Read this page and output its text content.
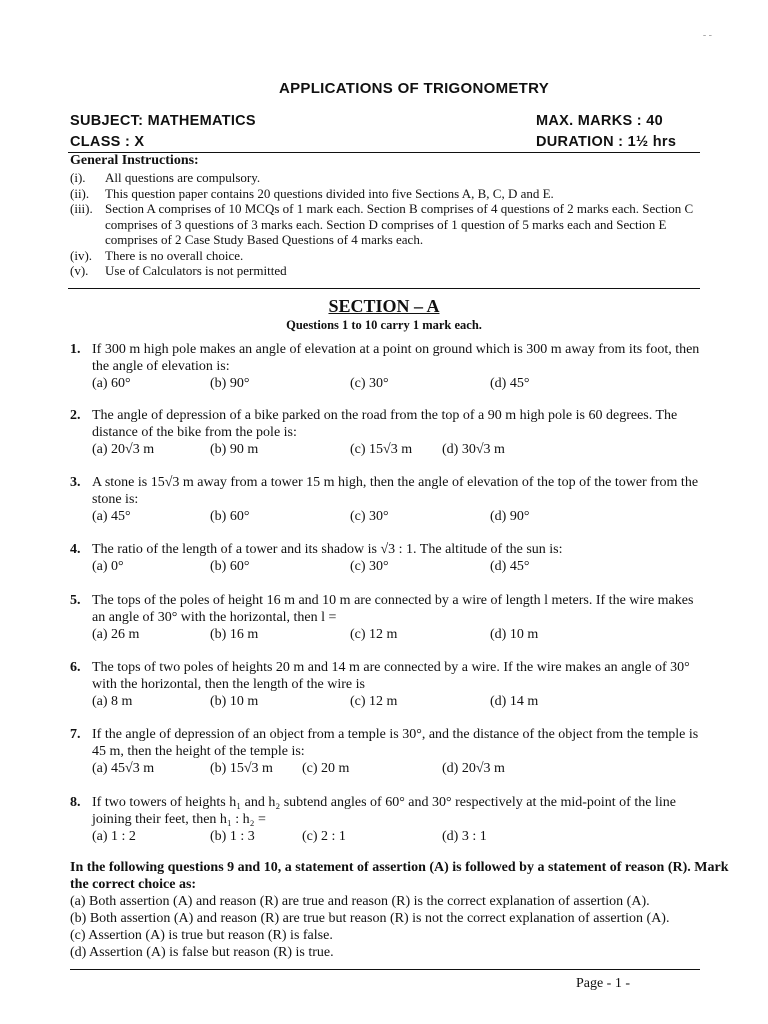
- -
APPLICATIONS OF TRIGONOMETRY
SUBJECT: MATHEMATICS	MAX. MARKS : 40
CLASS : X	DURATION : 1½ hrs
General Instructions:
(i).	All questions are compulsory.
(ii).	This question paper contains 20 questions divided into five Sections A, B, C, D and E.
(iii). Section A comprises of 10 MCQs of 1 mark each. Section B comprises of 4 questions of 2 marks each. Section C comprises of 3 questions of 3 marks each. Section D comprises of 1 question of 5 marks each and Section E comprises of 2 Case Study Based Questions of 4 marks each.
(iv). There is no overall choice.
(v).	Use of Calculators is not permitted
SECTION – A
Questions 1 to 10 carry 1 mark each.
1. If 300 m high pole makes an angle of elevation at a point on ground which is 300 m away from its foot, then the angle of elevation is:
(a) 60°	(b) 90°	(c) 30°	(d) 45°
2. The angle of depression of a bike parked on the road from the top of a 90 m high pole is 60 degrees. The distance of the bike from the pole is:
(a) 20√3 m	(b) 90 m	(c) 15√3 m (d) 30√3 m
3. A stone is 15√3 m away from a tower 15 m high, then the angle of elevation of the top of the tower from the stone is:
(a) 45°	(b) 60°	(c) 30°	(d) 90°
4. The ratio of the length of a tower and its shadow is √3 : 1. The altitude of the sun is:
(a) 0°	(b) 60°	(c) 30°	(d) 45°
5. The tops of the poles of height 16 m and 10 m are connected by a wire of length l meters. If the wire makes an angle of 30° with the horizontal, then l =
(a) 26 m	(b) 16 m	(c) 12 m	(d) 10 m
6. The tops of two poles of heights 20 m and 14 m are connected by a wire. If the wire makes an angle of 30° with the horizontal, then the length of the wire is
(a) 8 m	(b) 10 m	(c) 12 m	(d) 14 m
7. If the angle of depression of an object from a temple is 30°, and the distance of the object from the temple is 45 m, then the height of the temple is:
(a) 45√3 m	(b) 15√3 m (c) 20 m	(d) 20√3 m
8. If two towers of heights h₁ and h₂ subtend angles of 60° and 30° respectively at the mid-point of the line joining their feet, then h₁ : h₂ =
(a) 1 : 2	(b) 1 : 3	(c) 2 : 1	(d) 3 : 1
In the following questions 9 and 10, a statement of assertion (A) is followed by a statement of reason (R). Mark the correct choice as:
(a) Both assertion (A) and reason (R) are true and reason (R) is the correct explanation of assertion (A).
(b) Both assertion (A) and reason (R) are true but reason (R) is not the correct explanation of assertion (A).
(c) Assertion (A) is true but reason (R) is false.
(d) Assertion (A) is false but reason (R) is true.
Page - 1 -
